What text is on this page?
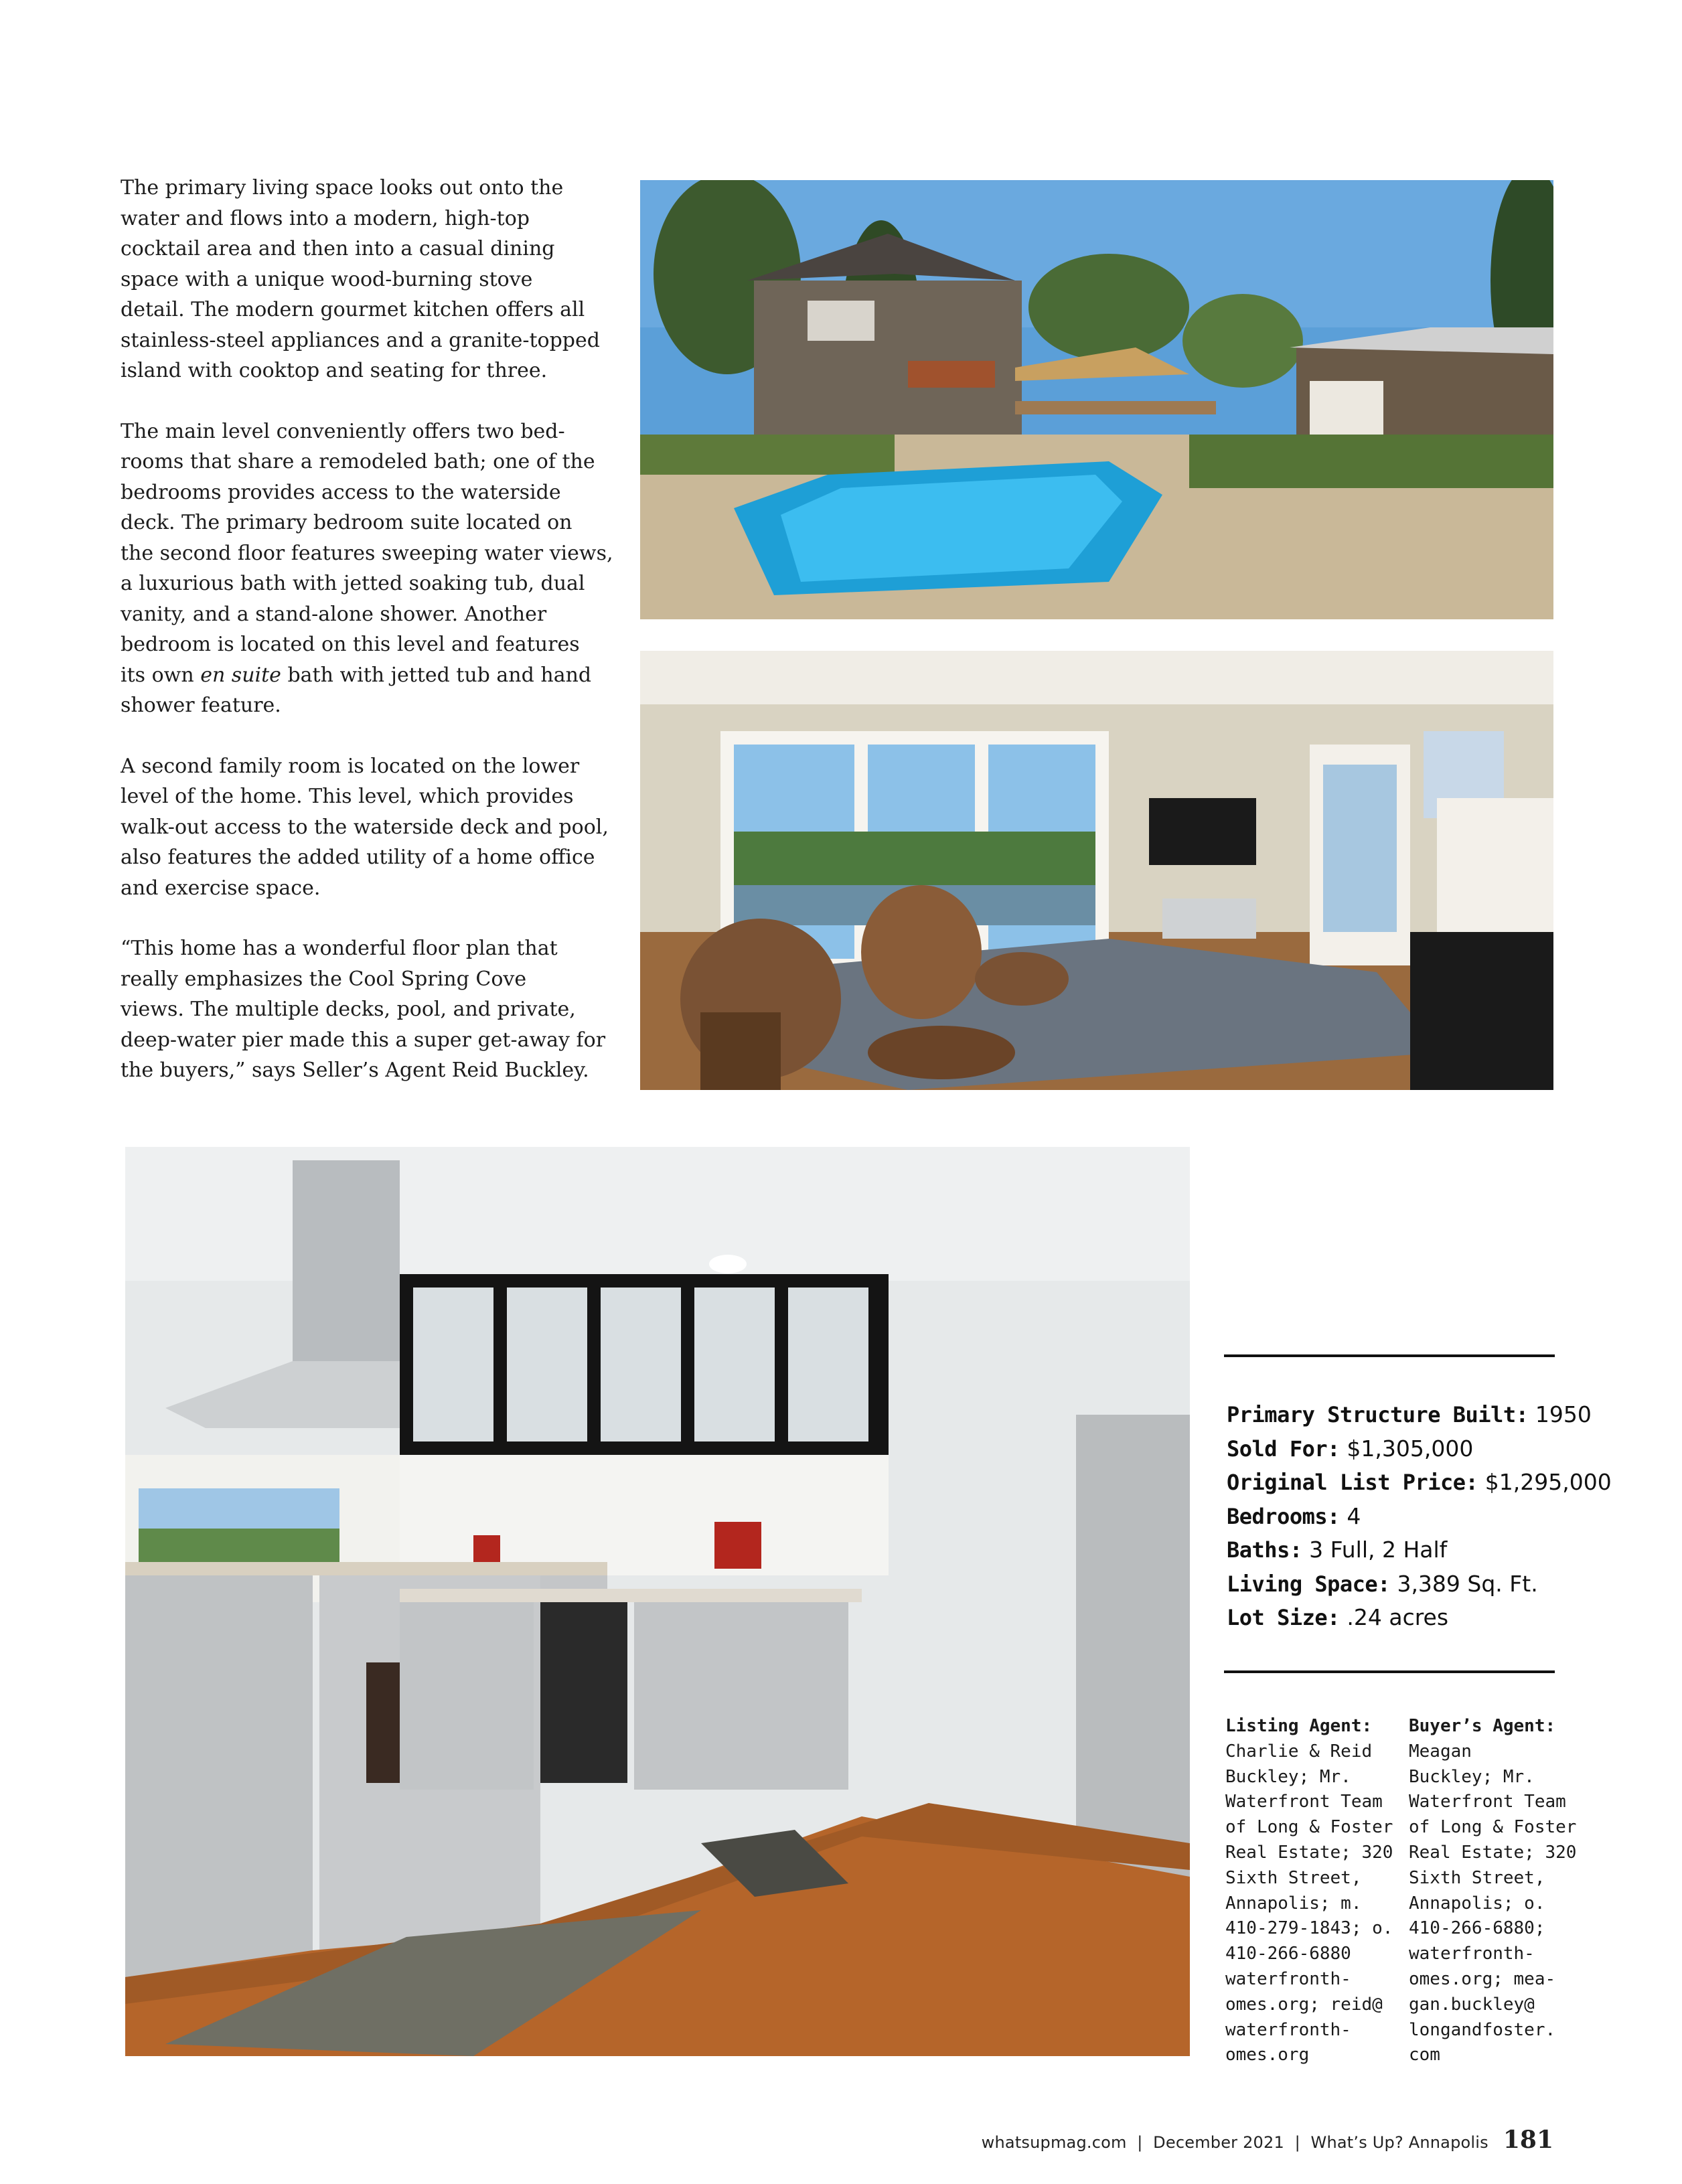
The primary living space looks out onto the
water and flows into a modern, high-top
cocktail area and then into a casual dining
space with a unique wood-burning stove
detail. The modern gourmet kitchen offers all
stainless-steel appliances and a granite-topped
island with cooktop and seating for three.

The main level conveniently offers two bed-
rooms that share a remodeled bath; one of the
bedrooms provides access to the waterside
deck. The primary bedroom suite located on
the second floor features sweeping water views,
a luxurious bath with jetted soaking tub, dual
vanity, and a stand-alone shower. Another
bedroom is located on this level and features
its own en suite bath with jetted tub and hand
shower feature.

A second family room is located on the lower
level of the home. This level, which provides
walk-out access to the waterside deck and pool,
also features the added utility of a home office
and exercise space.

“This home has a wonderful floor plan that
really emphasizes the Cool Spring Cove
views. The multiple decks, pool, and private,
deep-water pier made this a super get-away for
the buyers,” says Seller’s Agent Reid Buckley.

Primary Structure Built: 1950
Sold For: $1,305,000
Original List Price: $1,295,000
Bedrooms: 4
Baths: 3 Full, 2 Half
Living Space: 3,389 Sq. Ft.
Lot Size: .24 acres
Listing Agent:
Charlie & Reid
Buckley; Mr.
Waterfront Team
of Long & Foster
Real Estate; 320
Sixth Street,
Annapolis; m.
410-279-1843; o.
410-266-6880
waterfronth-
omes.org; reid@
waterfronth-
omes.org
Buyer’s Agent:
Meagan
Buckley; Mr.
Waterfront Team
of Long & Foster
Real Estate; 320
Sixth Street,
Annapolis; o.
410-266-6880;
waterfronth-
omes.org; mea-
gan.buckley@
longandfoster.
com
whatsupmag.com  |  December 2021  |  What’s Up? Annapolis 181
